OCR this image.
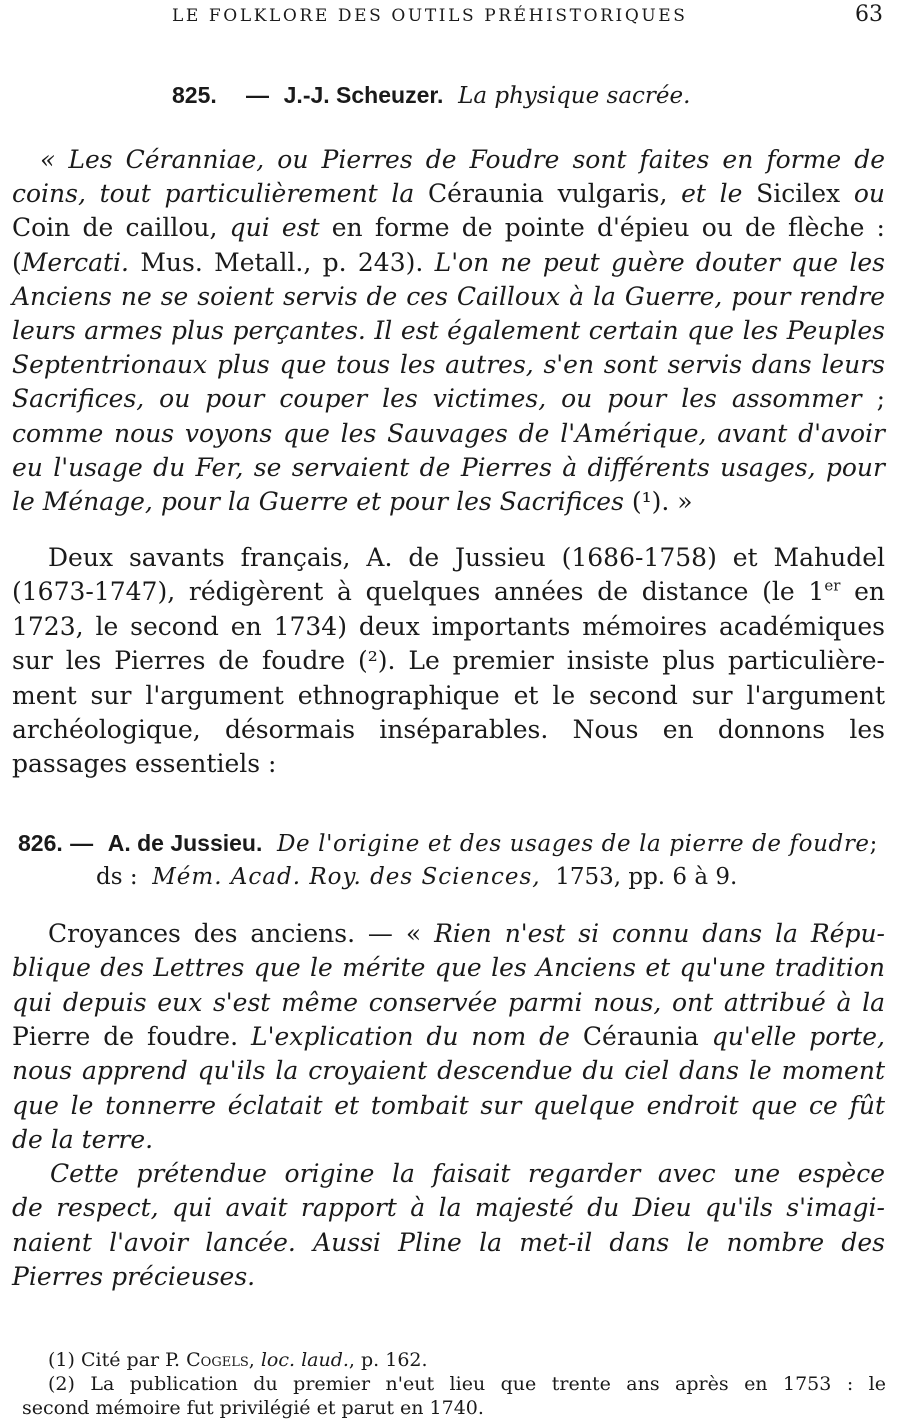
LE FOLKLORE DES OUTILS PRÉHISTORIQUES	63
825. — J.-J. Scheuzer. La physique sacrée.
« Les Céranniae, ou Pierres de Foudre sont faites en forme de
coins, tout particulièrement la Céraunia vulgaris, et le Sicilex ou
Coin de caillou, qui est en forme de pointe d'épieu ou de flèche :
(Mercati. Mus. Metall., p. 243). L'on ne peut guère douter que les
Anciens ne se soient servis de ces Cailloux à la Guerre, pour rendre
leurs armes plus perçantes. Il est également certain que les Peuples
Septentrionaux plus que tous les autres, s'en sont servis dans leurs
Sacrifices, ou pour couper les victimes, ou pour les assommer ;
comme nous voyons que les Sauvages de l'Amérique, avant d'avoir
eu l'usage du Fer, se servaient de Pierres à différents usages, pour
le Ménage, pour la Guerre et pour les Sacrifices (¹). »
Deux savants français, A. de Jussieu (1686-1758) et Mahudel
(1673-1747), rédigèrent à quelques années de distance (le 1er en
1723, le second en 1734) deux importants mémoires académiques
sur les Pierres de foudre (²). Le premier insiste plus particulière-
ment sur l'argument ethnographique et le second sur l'argument
archéologique, désormais inséparables. Nous en donnons les
passages essentiels :
826. — A. de Jussieu. De l'origine et des usages de la pierre de foudre;
ds : Mém. Acad. Roy. des Sciences, 1753, pp. 6 à 9.
Croyances des anciens. — « Rien n'est si connu dans la Répu-
blique des Lettres que le mérite que les Anciens et qu'une tradition
qui depuis eux s'est même conservée parmi nous, ont attribué à la
Pierre de foudre. L'explication du nom de Céraunia qu'elle porte,
nous apprend qu'ils la croyaient descendue du ciel dans le moment
que le tonnerre éclatait et tombait sur quelque endroit que ce fût
de la terre.
Cette prétendue origine la faisait regarder avec une espèce
de respect, qui avait rapport à la majesté du Dieu qu'ils s'imagi-
naient l'avoir lancée. Aussi Pline la met-il dans le nombre des
Pierres précieuses.
(1) Cité par P. Cogels, loc. laud., p. 162.
(2) La publication du premier n'eut lieu que trente ans après en 1753 : le
second mémoire fut privilégié et parut en 1740.
